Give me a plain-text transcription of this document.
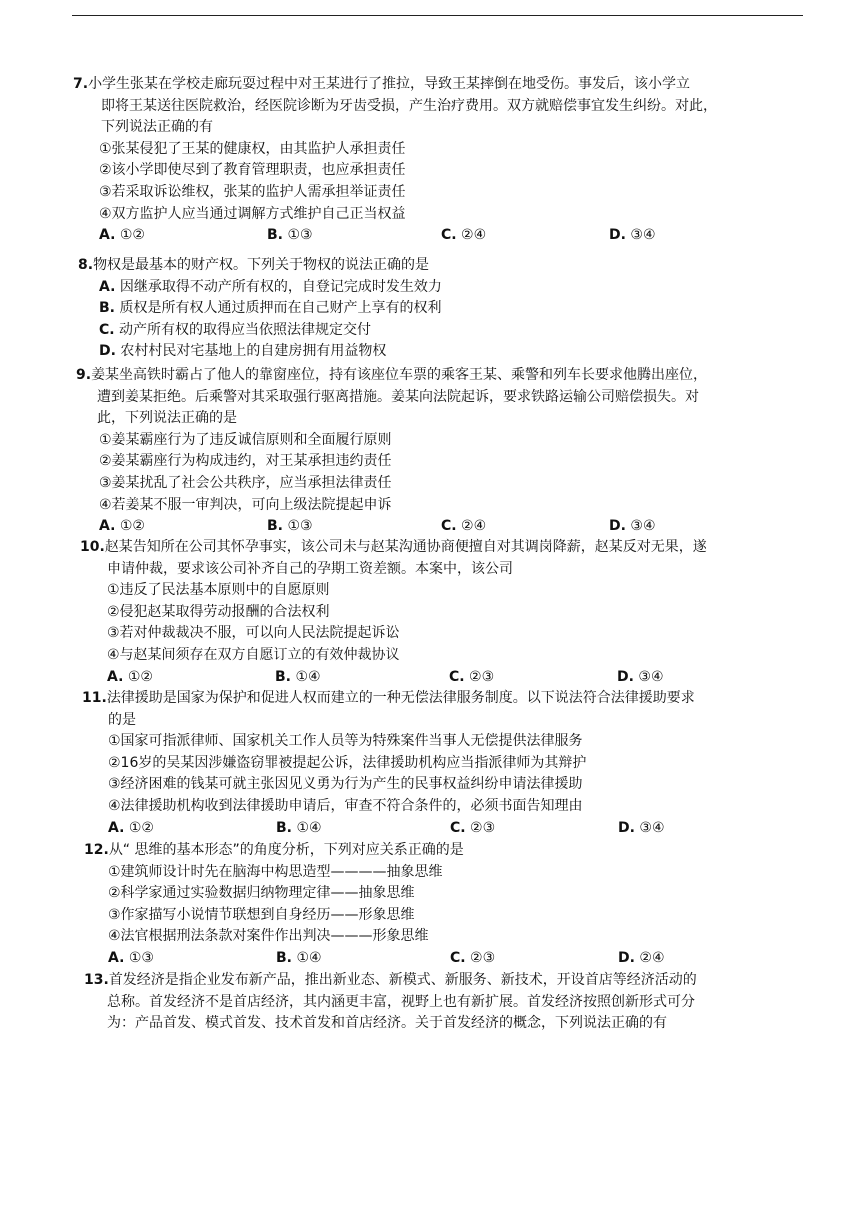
7.小学生张某在学校走廊玩耍过程中对王某进行了推拉，导致王某摔倒在地受伤。事发后，该小学立
即将王某送往医院救治，经医院诊断为牙齿受损，产生治疗费用。双方就赔偿事宜发生纠纷。对此，
下列说法正确的有
①张某侵犯了王某的健康权，由其监护人承担责任
②该小学即使尽到了教育管理职责，也应承担责任
③若采取诉讼维权，张某的监护人需承担举证责任
④双方监护人应当通过调解方式维护自己正当权益
A. ①②	B. ①③	C. ②④	D. ③④
8.物权是最基本的财产权。下列关于物权的说法正确的是
A. 因继承取得不动产所有权的，自登记完成时发生效力
B. 质权是所有权人通过质押而在自己财产上享有的权利
C. 动产所有权的取得应当依照法律规定交付
D. 农村村民对宅基地上的自建房拥有用益物权
9.姜某坐高铁时霸占了他人的靠窗座位，持有该座位车票的乘客王某、乘警和列车长要求他腾出座位，
遭到姜某拒绝。后乘警对其采取强行驱离措施。姜某向法院起诉，要求铁路运输公司赔偿损失。对
此，下列说法正确的是
①姜某霸座行为了违反诚信原则和全面履行原则
②姜某霸座行为构成违约，对王某承担违约责任
③姜某扰乱了社会公共秩序，应当承担法律责任
④若姜某不服一审判决，可向上级法院提起申诉
A. ①②	B. ①③	C. ②④	D. ③④
10.赵某告知所在公司其怀孕事实，该公司未与赵某沟通协商便擅自对其调岗降薪，赵某反对无果，遂
申请仲裁，要求该公司补齐自己的孕期工资差额。本案中，该公司
①违反了民法基本原则中的自愿原则
②侵犯赵某取得劳动报酬的合法权利
③若对仲裁裁决不服，可以向人民法院提起诉讼
④与赵某间须存在双方自愿订立的有效仲裁协议
A. ①②	B. ①④	C. ②③	D. ③④
11.法律援助是国家为保护和促进人权而建立的一种无偿法律服务制度。以下说法符合法律援助要求
的是
①国家可指派律师、国家机关工作人员等为特殊案件当事人无偿提供法律服务
②16岁的吴某因涉嫌盗窃罪被提起公诉，法律援助机构应当指派律师为其辩护
③经济困难的钱某可就主张因见义勇为行为产生的民事权益纠纷申请法律援助
④法律援助机构收到法律援助申请后，审查不符合条件的，必须书面告知理由
A. ①②	B. ①④	C. ②③	D. ③④
12.从“ 思维的基本形态”的角度分析，下列对应关系正确的是
①建筑师设计时先在脑海中构思造型————抽象思维
②科学家通过实验数据归纳物理定律——抽象思维
③作家描写小说情节联想到自身经历——形象思维
④法官根据刑法条款对案件作出判决———形象思维
A. ①③	B. ①④	C. ②③	D. ②④
13.首发经济是指企业发布新产品，推出新业态、新模式、新服务、新技术，开设首店等经济活动的
总称。首发经济不是首店经济，其内涵更丰富，视野上也有新扩展。首发经济按照创新形式可分
为：产品首发、模式首发、技术首发和首店经济。关于首发经济的概念，下列说法正确的有
